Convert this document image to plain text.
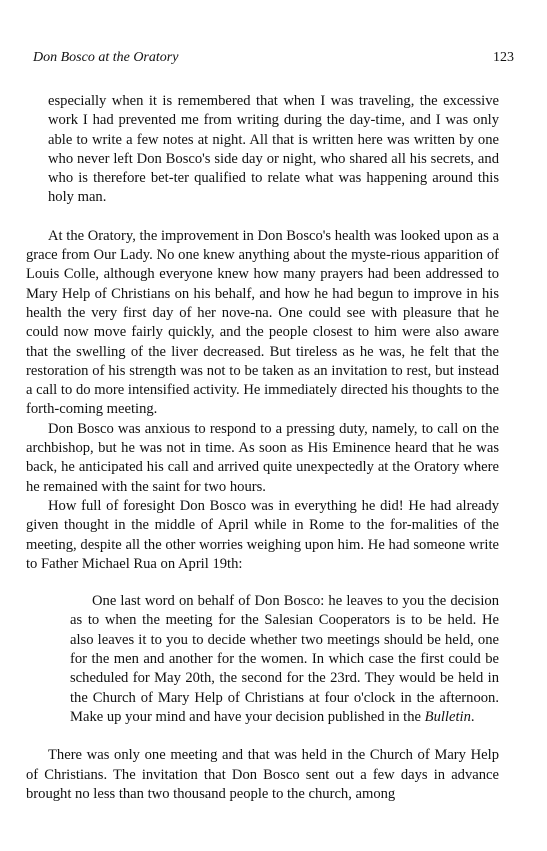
Don Bosco at the Oratory	123

especially when it is remembered that when I was traveling, the excessive work I had prevented me from writing during the day-time, and I was only able to write a few notes at night. All that is written here was written by one who never left Don Bosco's side day or night, who shared all his secrets, and who is therefore bet-ter qualified to relate what was happening around this holy man.

At the Oratory, the improvement in Don Bosco's health was looked upon as a grace from Our Lady. No one knew anything about the myste-rious apparition of Louis Colle, although everyone knew how many prayers had been addressed to Mary Help of Christians on his behalf, and how he had begun to improve in his health the very first day of her nove-na. One could see with pleasure that he could now move fairly quickly, and the people closest to him were also aware that the swelling of the liver decreased. But tireless as he was, he felt that the restoration of his strength was not to be taken as an invitation to rest, but instead a call to do more intensified activity. He immediately directed his thoughts to the forth-coming meeting.

Don Bosco was anxious to respond to a pressing duty, namely, to call on the archbishop, but he was not in time. As soon as His Eminence heard that he was back, he anticipated his call and arrived quite unexpectedly at the Oratory where he remained with the saint for two hours.

How full of foresight Don Bosco was in everything he did! He had already given thought in the middle of April while in Rome to the for-malities of the meeting, despite all the other worries weighing upon him. He had someone write to Father Michael Rua on April 19th:

One last word on behalf of Don Bosco: he leaves to you the decision as to when the meeting for the Salesian Cooperators is to be held. He also leaves it to you to decide whether two meetings should be held, one for the men and another for the women. In which case the first could be scheduled for May 20th, the second for the 23rd. They would be held in the Church of Mary Help of Christians at four o'clock in the afternoon. Make up your mind and have your decision published in the Bulletin.

There was only one meeting and that was held in the Church of Mary Help of Christians. The invitation that Don Bosco sent out a few days in advance brought no less than two thousand people to the church, among
